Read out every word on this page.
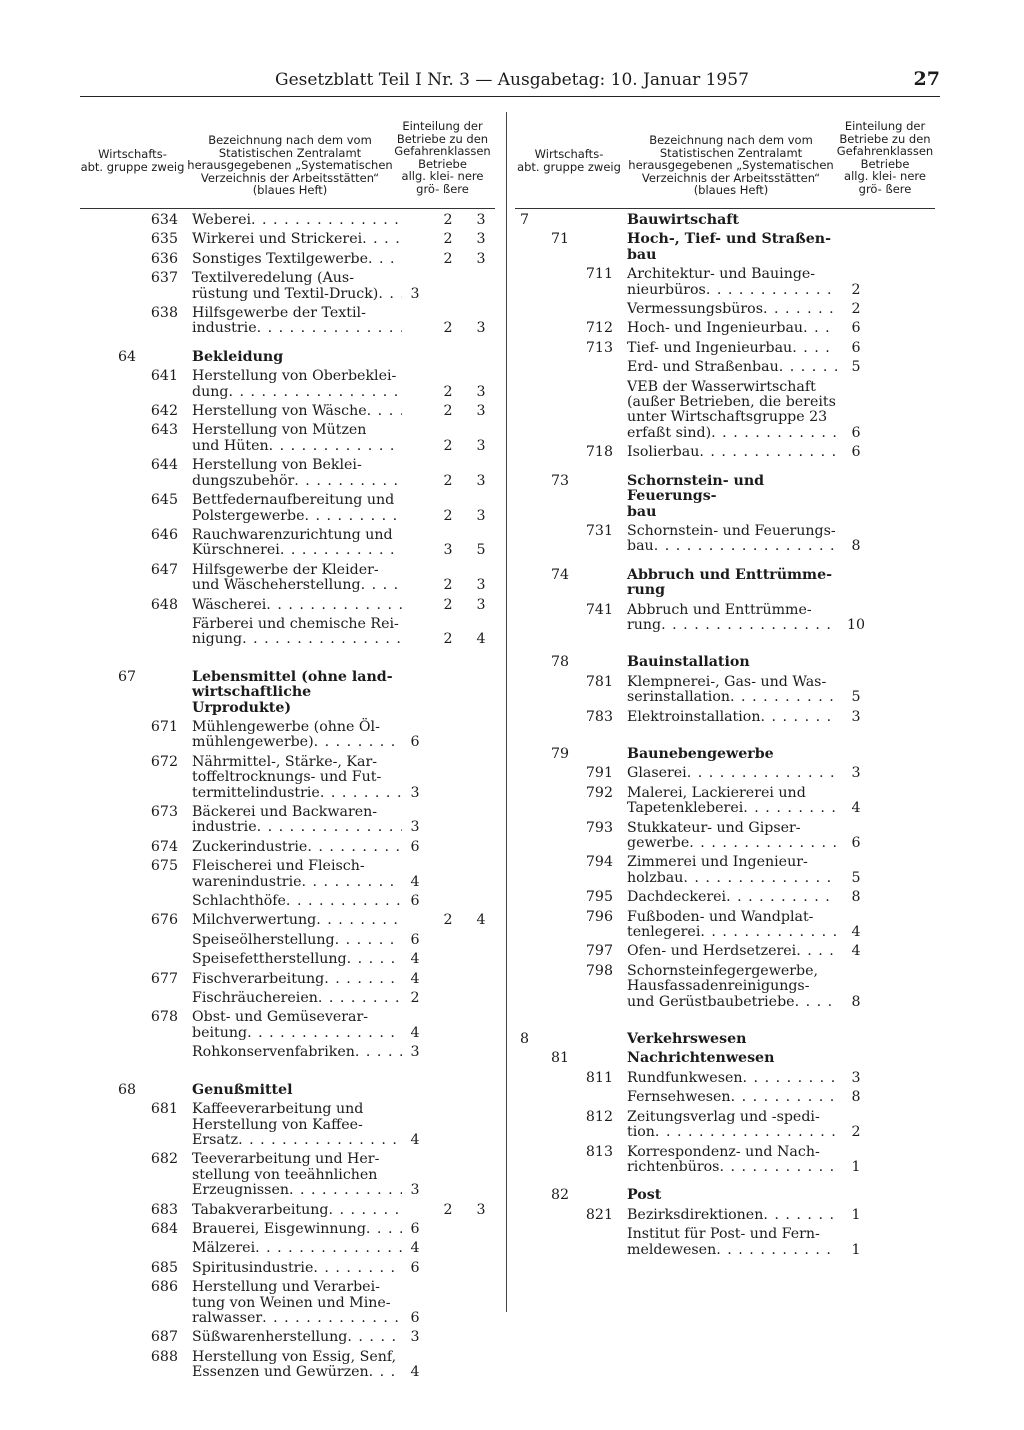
Gesetzblatt Teil I Nr. 3 — Ausgabetag: 10. Januar 1957	27
Wirtschafts-
abt. gruppe zweig
Bezeichnung nach dem vom Statistischen Zentralamt herausgegebenen „Systematischen Verzeichnis der Arbeitsstätten“ (blaues Heft)
Einteilung der Betriebe zu den Gefahrenklassen
Betriebe
allg. klei- nere grö- ßere
634 Weberei . . .	2	3
635 Wirkerei und Strickerei . . .	2	3
636 Sonstiges Textilgewerbe . . .	2	3
637 Textilveredelung (Aus-
rüstung und Textil-Druck) . . .	3
638 Hilfsgewerbe der Textil-
industrie . . .	2	3
64	Bekleidung
641 Herstellung von Oberbeklei-
dung . . .	2	3
642 Herstellung von Wäsche . . .	2	3
643 Herstellung von Mützen
und Hüten . . .	2	3
644 Herstellung von Beklei-
dungszubehör . . .	2	3
645 Bettfedernaufbereitung und
Polstergewerbe . . .	2	3
646 Rauchwarenzurichtung und
Kürschnerei . . .	3	5
647 Hilfsgewerbe der Kleider-
und Wäscheherstellung . . .	2	3
648 Wäscherei . . .	2	3
Färberei und chemische Rei-
nigung . . .	2	4
67	Lebensmittel (ohne land-
wirtschaftliche Urprodukte)
671 Mühlengewerbe (ohne Öl-
mühlengewerbe) . . .	6
672 Nährmittel-, Stärke-, Kar-
toffeltrocknungs- und Fut-
termittelindustrie . . .	3
673 Bäckerei und Backwaren-
industrie . . .	3
674 Zuckerindustrie . . .	6
675 Fleischerei und Fleisch-
warenindustrie . . .	4
Schlachthöfe . . .	6
676 Milchverwertung . . .	2	4
Speiseölherstellung . . .	6
Speisefettherstellung . . .	4
677 Fischverarbeitung . . .	4
Fischräuchereien . . .	2
678 Obst- und Gemüseverar-
beitung . . .	4
Rohkonservenfabriken . . .	3
68	Genußmittel
681 Kaffeeverarbeitung und
Herstellung von Kaffee-
Ersatz . . .	4
682 Teeverarbeitung und Her-
stellung von teeähnlichen
Erzeugnissen . . .	3
683 Tabakverarbeitung . . .	2	3
684 Brauerei, Eisgewinnung . . .	6
Mälzerei . . .	4
685 Spiritusindustrie . . .	6
686 Herstellung und Verarbei-
tung von Weinen und Mine-
ralwasser . . .	6
687 Süßwarenherstellung . . .	3
688 Herstellung von Essig, Senf,
Essenzen und Gewürzen . . .	4
Wirtschafts-
abt. gruppe zweig
Bezeichnung nach dem vom Statistischen Zentralamt herausgegebenen „Systematischen Verzeichnis der Arbeitsstätten“ (blaues Heft)
Einteilung der Betriebe zu den Gefahrenklassen
Betriebe
allg. klei- nere grö- ßere
7	Bauwirtschaft
71	Hoch-, Tief- und Straßen-
bau
711 Architektur- und Bauinge-
nieurbüros . . .	2
Vermessungsbüros . . .	2
712 Hoch- und Ingenieurbau . . .	6
713 Tief- und Ingenieurbau . . .	6
Erd- und Straßenbau . . .	5
VEB der Wasserwirtschaft
(außer Betrieben, die bereits
unter Wirtschaftsgruppe 23
erfaßt sind) . . .	6
718 Isolierbau . . .	6
73	Schornstein- und Feuerungs-
bau
731 Schornstein- und Feuerungs-
bau . . .	8
74	Abbruch und Enttrümme-
rung
741 Abbruch und Enttrümme-
rung . . .	10
78	Bauinstallation
781 Klempnerei-, Gas- und Was-
serinstallation . . .	5
783 Elektroinstallation . . .	3
79	Baunebengewerbe
791 Glaserei . . .	3
792 Malerei, Lackiererei und
Tapetenkleberei . . .	4
793 Stukkateur- und Gipser-
gewerbe . . .	6
794 Zimmerei und Ingenieur-
holzbau . . .	5
795 Dachdeckerei . . .	8
796 Fußboden- und Wandplat-
tenlegerei . . .	4
797 Ofen- und Herdsetzerei . . .	4
798 Schornsteinfegergewerbe,
Hausfassadenreinigungs-
und Gerüstbaubetriebe . . .	8
8	Verkehrswesen
81	Nachrichtenwesen
811 Rundfunkwesen . . .	3
Fernsehwesen . . .	8
812 Zeitungsverlag und -spedi-
tion . . .	2
813 Korrespondenz- und Nach-
richtenbüros . . .	1
82	Post
821 Bezirksdirektionen . . .	1
Institut für Post- und Fern-
meldewesen . . .	1
